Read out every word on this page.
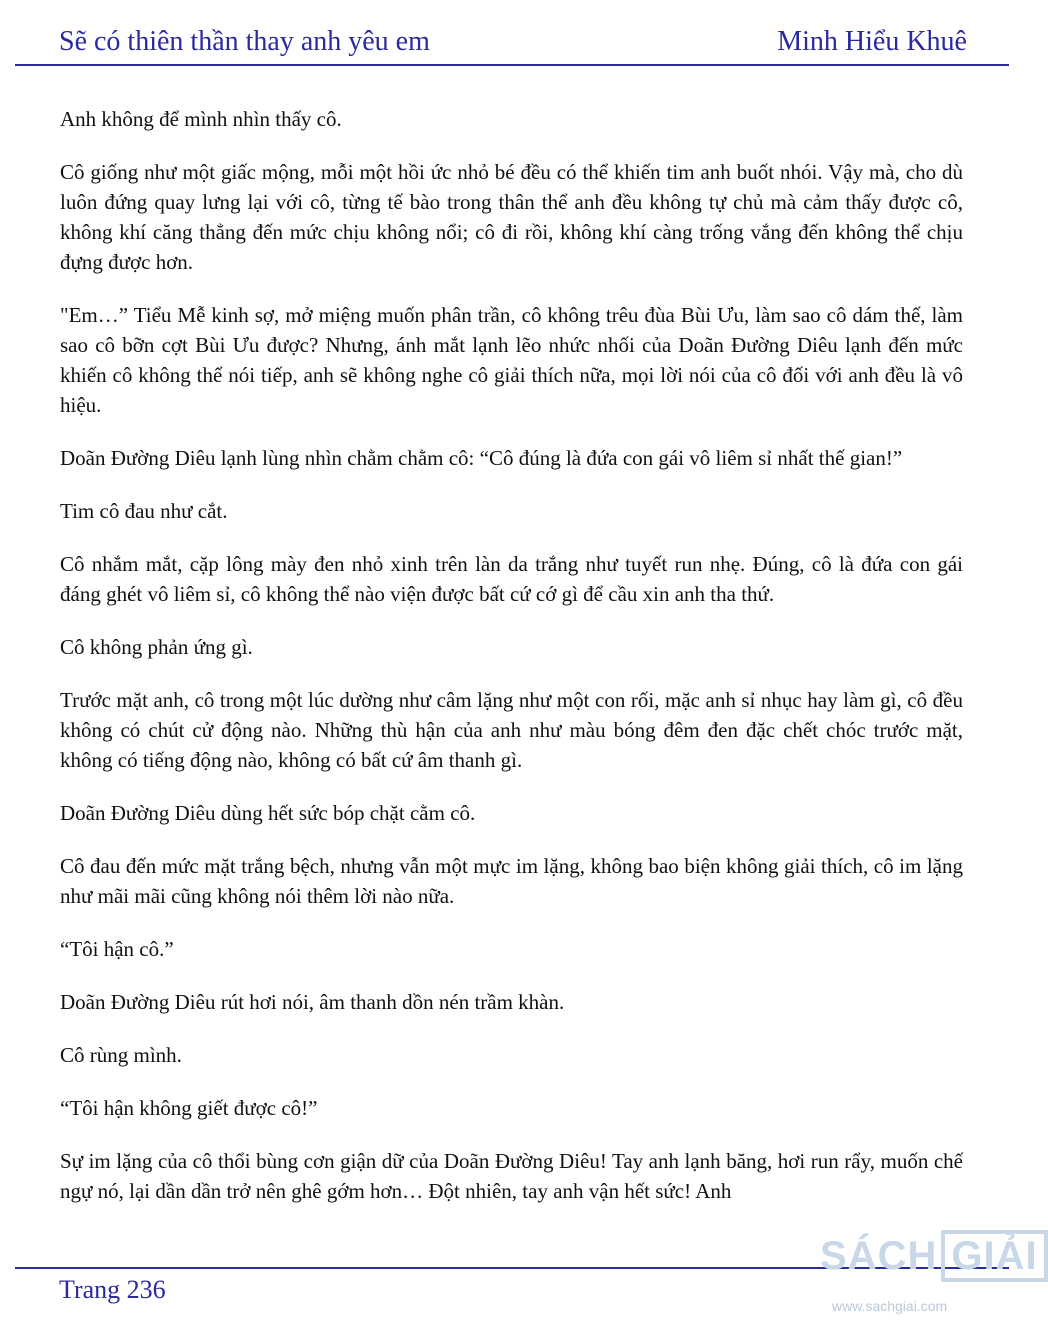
Sẽ có thiên thần thay anh yêu em	Minh Hiểu Khuê

Anh không để mình nhìn thấy cô.

Cô giống như một giấc mộng, mỗi một hồi ức nhỏ bé đều có thể khiến tim anh buốt nhói. Vậy mà, cho dù luôn đứng quay lưng lại với cô, từng tế bào trong thân thể anh đều không tự chủ mà cảm thấy được cô, không khí căng thẳng đến mức chịu không nổi; cô đi rồi, không khí càng trống vắng đến không thể chịu đựng được hơn.

"Em…” Tiểu Mễ kinh sợ, mở miệng muốn phân trần, cô không trêu đùa Bùi Ưu, làm sao cô dám thế, làm sao cô bỡn cợt Bùi Ưu được? Nhưng, ánh mắt lạnh lẽo nhức nhối của Doãn Đường Diêu lạnh đến mức khiến cô không thể nói tiếp, anh sẽ không nghe cô giải thích nữa, mọi lời nói của cô đối với anh đều là vô hiệu.

Doãn Đường Diêu lạnh lùng nhìn chằm chằm cô: “Cô đúng là đứa con gái vô liêm sỉ nhất thế gian!”

Tim cô đau như cắt.

Cô nhắm mắt, cặp lông mày đen nhỏ xinh trên làn da trắng như tuyết run nhẹ. Đúng, cô là đứa con gái đáng ghét vô liêm sỉ, cô không thể nào viện được bất cứ cớ gì để cầu xin anh tha thứ.

Cô không phản ứng gì.

Trước mặt anh, cô trong một lúc dường như câm lặng như một con rối, mặc anh sỉ nhục hay làm gì, cô đều không có chút cử động nào. Những thù hận của anh như màu bóng đêm đen đặc chết chóc trước mặt, không có tiếng động nào, không có bất cứ âm thanh gì.

Doãn Đường Diêu dùng hết sức bóp chặt cằm cô.

Cô đau đến mức mặt trắng bệch, nhưng vẫn một mực im lặng, không bao biện không giải thích, cô im lặng như mãi mãi cũng không nói thêm lời nào nữa.

“Tôi hận cô.”

Doãn Đường Diêu rút hơi nói, âm thanh dồn nén trầm khàn.

Cô rùng mình.

“Tôi hận không giết được cô!”

Sự im lặng của cô thổi bùng cơn giận dữ của Doãn Đường Diêu! Tay anh lạnh băng, hơi run rẩy, muốn chế ngự nó, lại dần dần trở nên ghê gớm hơn… Đột nhiên, tay anh vận hết sức! Anh

Trang 236
SÁCH GIẢI
www.sachgiai.com
